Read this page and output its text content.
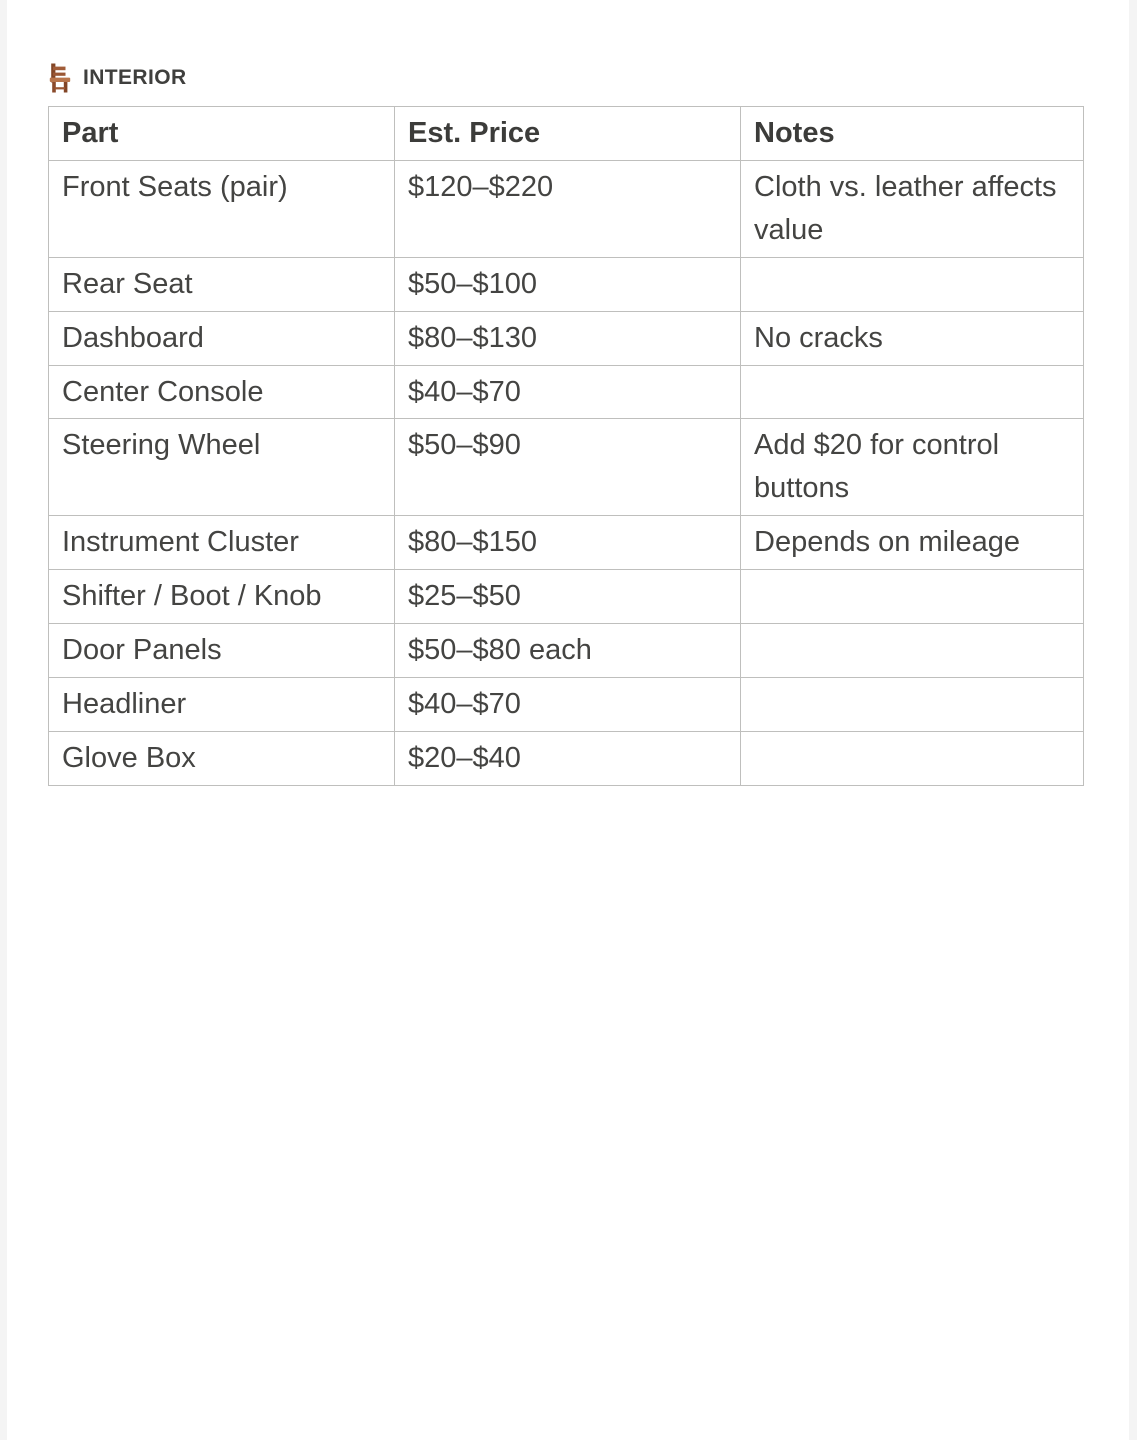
INTERIOR
Part	Est. Price	Notes
Front Seats (pair)	$120–$220	Cloth vs. leather affects value
Rear Seat	$50–$100	
Dashboard	$80–$130	No cracks
Center Console	$40–$70	
Steering Wheel	$50–$90	Add $20 for control buttons
Instrument Cluster	$80–$150	Depends on mileage
Shifter / Boot / Knob	$25–$50	
Door Panels	$50–$80 each	
Headliner	$40–$70	
Glove Box	$20–$40	
